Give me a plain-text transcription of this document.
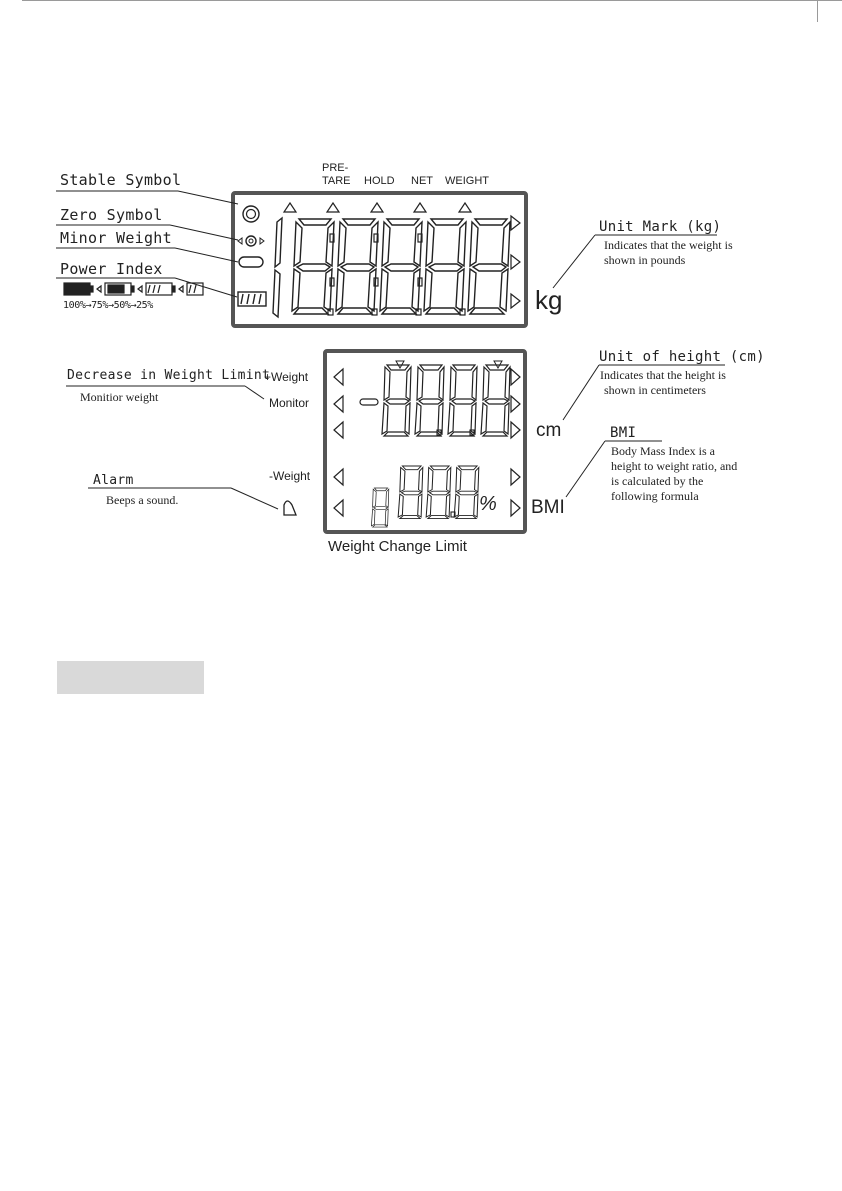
Stable Symbol
Zero Symbol
Minor Weight
Power Index
100%→75%→50%→25%
Decrease in Weight Limint
Monitior weight
Alarm
Beeps a sound.
Unit Mark (kg)
Indicates that the weight is
shown in pounds
Unit of height (cm)
Indicates that the height is
shown in centimeters
BMI
Body Mass Index is a
height to weight ratio, and
is calculated by the
following formula
PRE-
TARE HOLD NET WEIGHT
kg
+Weight
Monitor
-Weight
cm
BMI
%
Weight Change Limit
